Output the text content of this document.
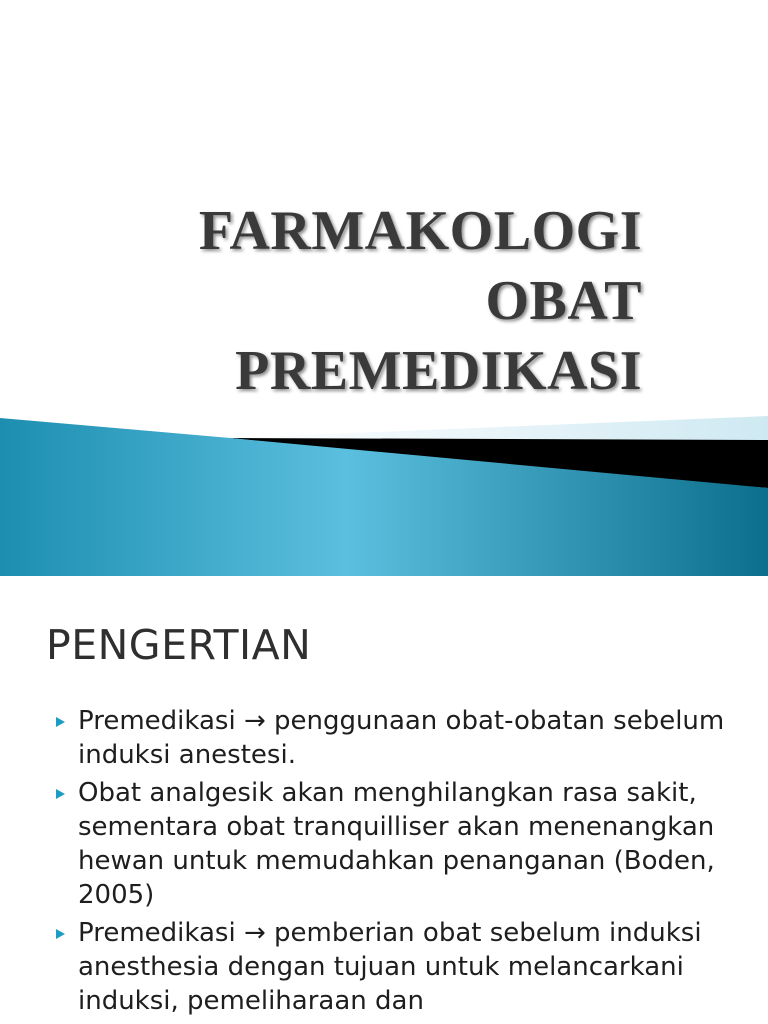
FARMAKOLOGI OBAT
PREMEDIKASI
PENGERTIAN
Premedikasi → penggunaan obat-obatan sebelum induksi anestesi.
Obat analgesik akan menghilangkan rasa sakit, sementara obat tranquilliser akan menenangkan hewan untuk memudahkan penanganan (Boden, 2005)
Premedikasi → pemberian obat sebelum induksi anesthesia dengan tujuan untuk melancarkani induksi, pemeliharaan dan
